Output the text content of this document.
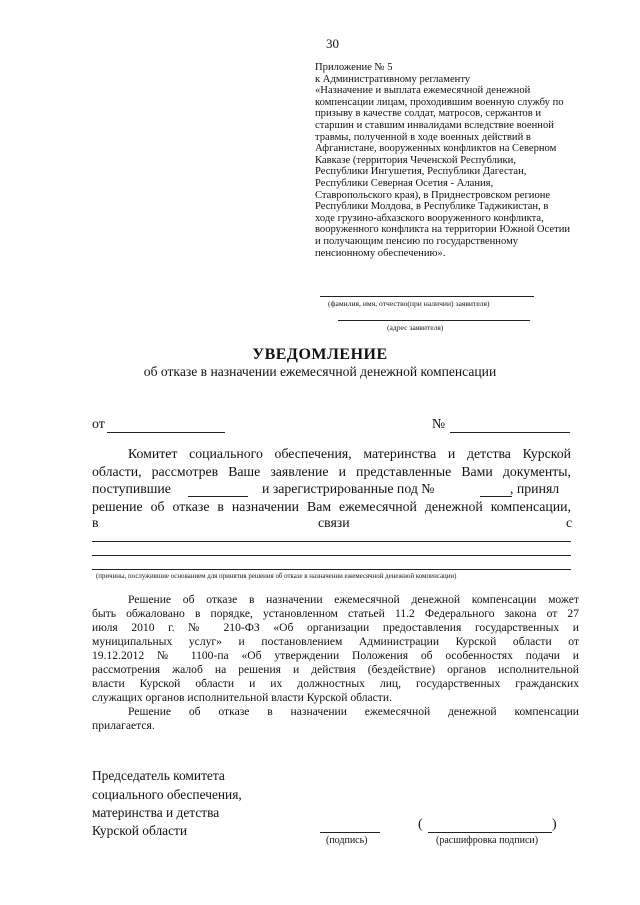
30
Приложение № 5
к Административному регламенту
«Назначение и выплата ежемесячной денежной
компенсации лицам, проходившим военную службу по
призыву в качестве солдат, матросов, сержантов и
старшин и ставшим инвалидами вследствие военной
травмы, полученной в ходе военных действий в
Афганистане, вооруженных конфликтов на Северном
Кавказе (территория Чеченской Республики,
Республики Ингушетия, Республики Дагестан,
Республики Северная Осетия - Алания,
Ставропольского края), в Приднестровском регионе
Республики Молдова, в Республике Таджикистан, в
ходе грузино-абхазского вооруженного конфликта,
вооруженного конфликта на территории Южной Осетии
и получающим пенсию по государственному
пенсионному обеспечению».
(фамилия, имя, отчество(при наличии) заявителя)
(адрес заявителя)
УВЕДОМЛЕНИЕ
об отказе в назначении ежемесячной денежной компенсации
от	№
Комитет социального обеспечения, материнства и детства Курской
области, рассмотрев Ваше заявление и представленные Вами документы,
поступившие	и зарегистрированные под №	, принял
решение об отказе в назначении Вам ежемесячной денежной компенсации,
в	связи	с
(причины, послужившие основанием для принятия решения об отказе в назначении ежемесячной денежной компенсации)
Решение об отказе в назначении ежемесячной денежной компенсации может
быть обжаловано в порядке, установленном статьей 11.2 Федерального закона от 27
июля 2010 г. № 210-ФЗ «Об организации предоставления государственных и
муниципальных услуг» и постановлением Администрации Курской области от
19.12.2012 № 1100-па «Об утверждении Положения об особенностях подачи и
рассмотрения жалоб на решения и действия (бездействие) органов исполнительной
власти Курской области и их должностных лиц, государственных гражданских
служащих органов исполнительной власти Курской области.
Решение об отказе в назначении ежемесячной денежной компенсации
прилагается.
Председатель комитета
социального обеспечения,
материнства и детства
Курской области
(подпись)
(	)
(расшифровка подписи)
